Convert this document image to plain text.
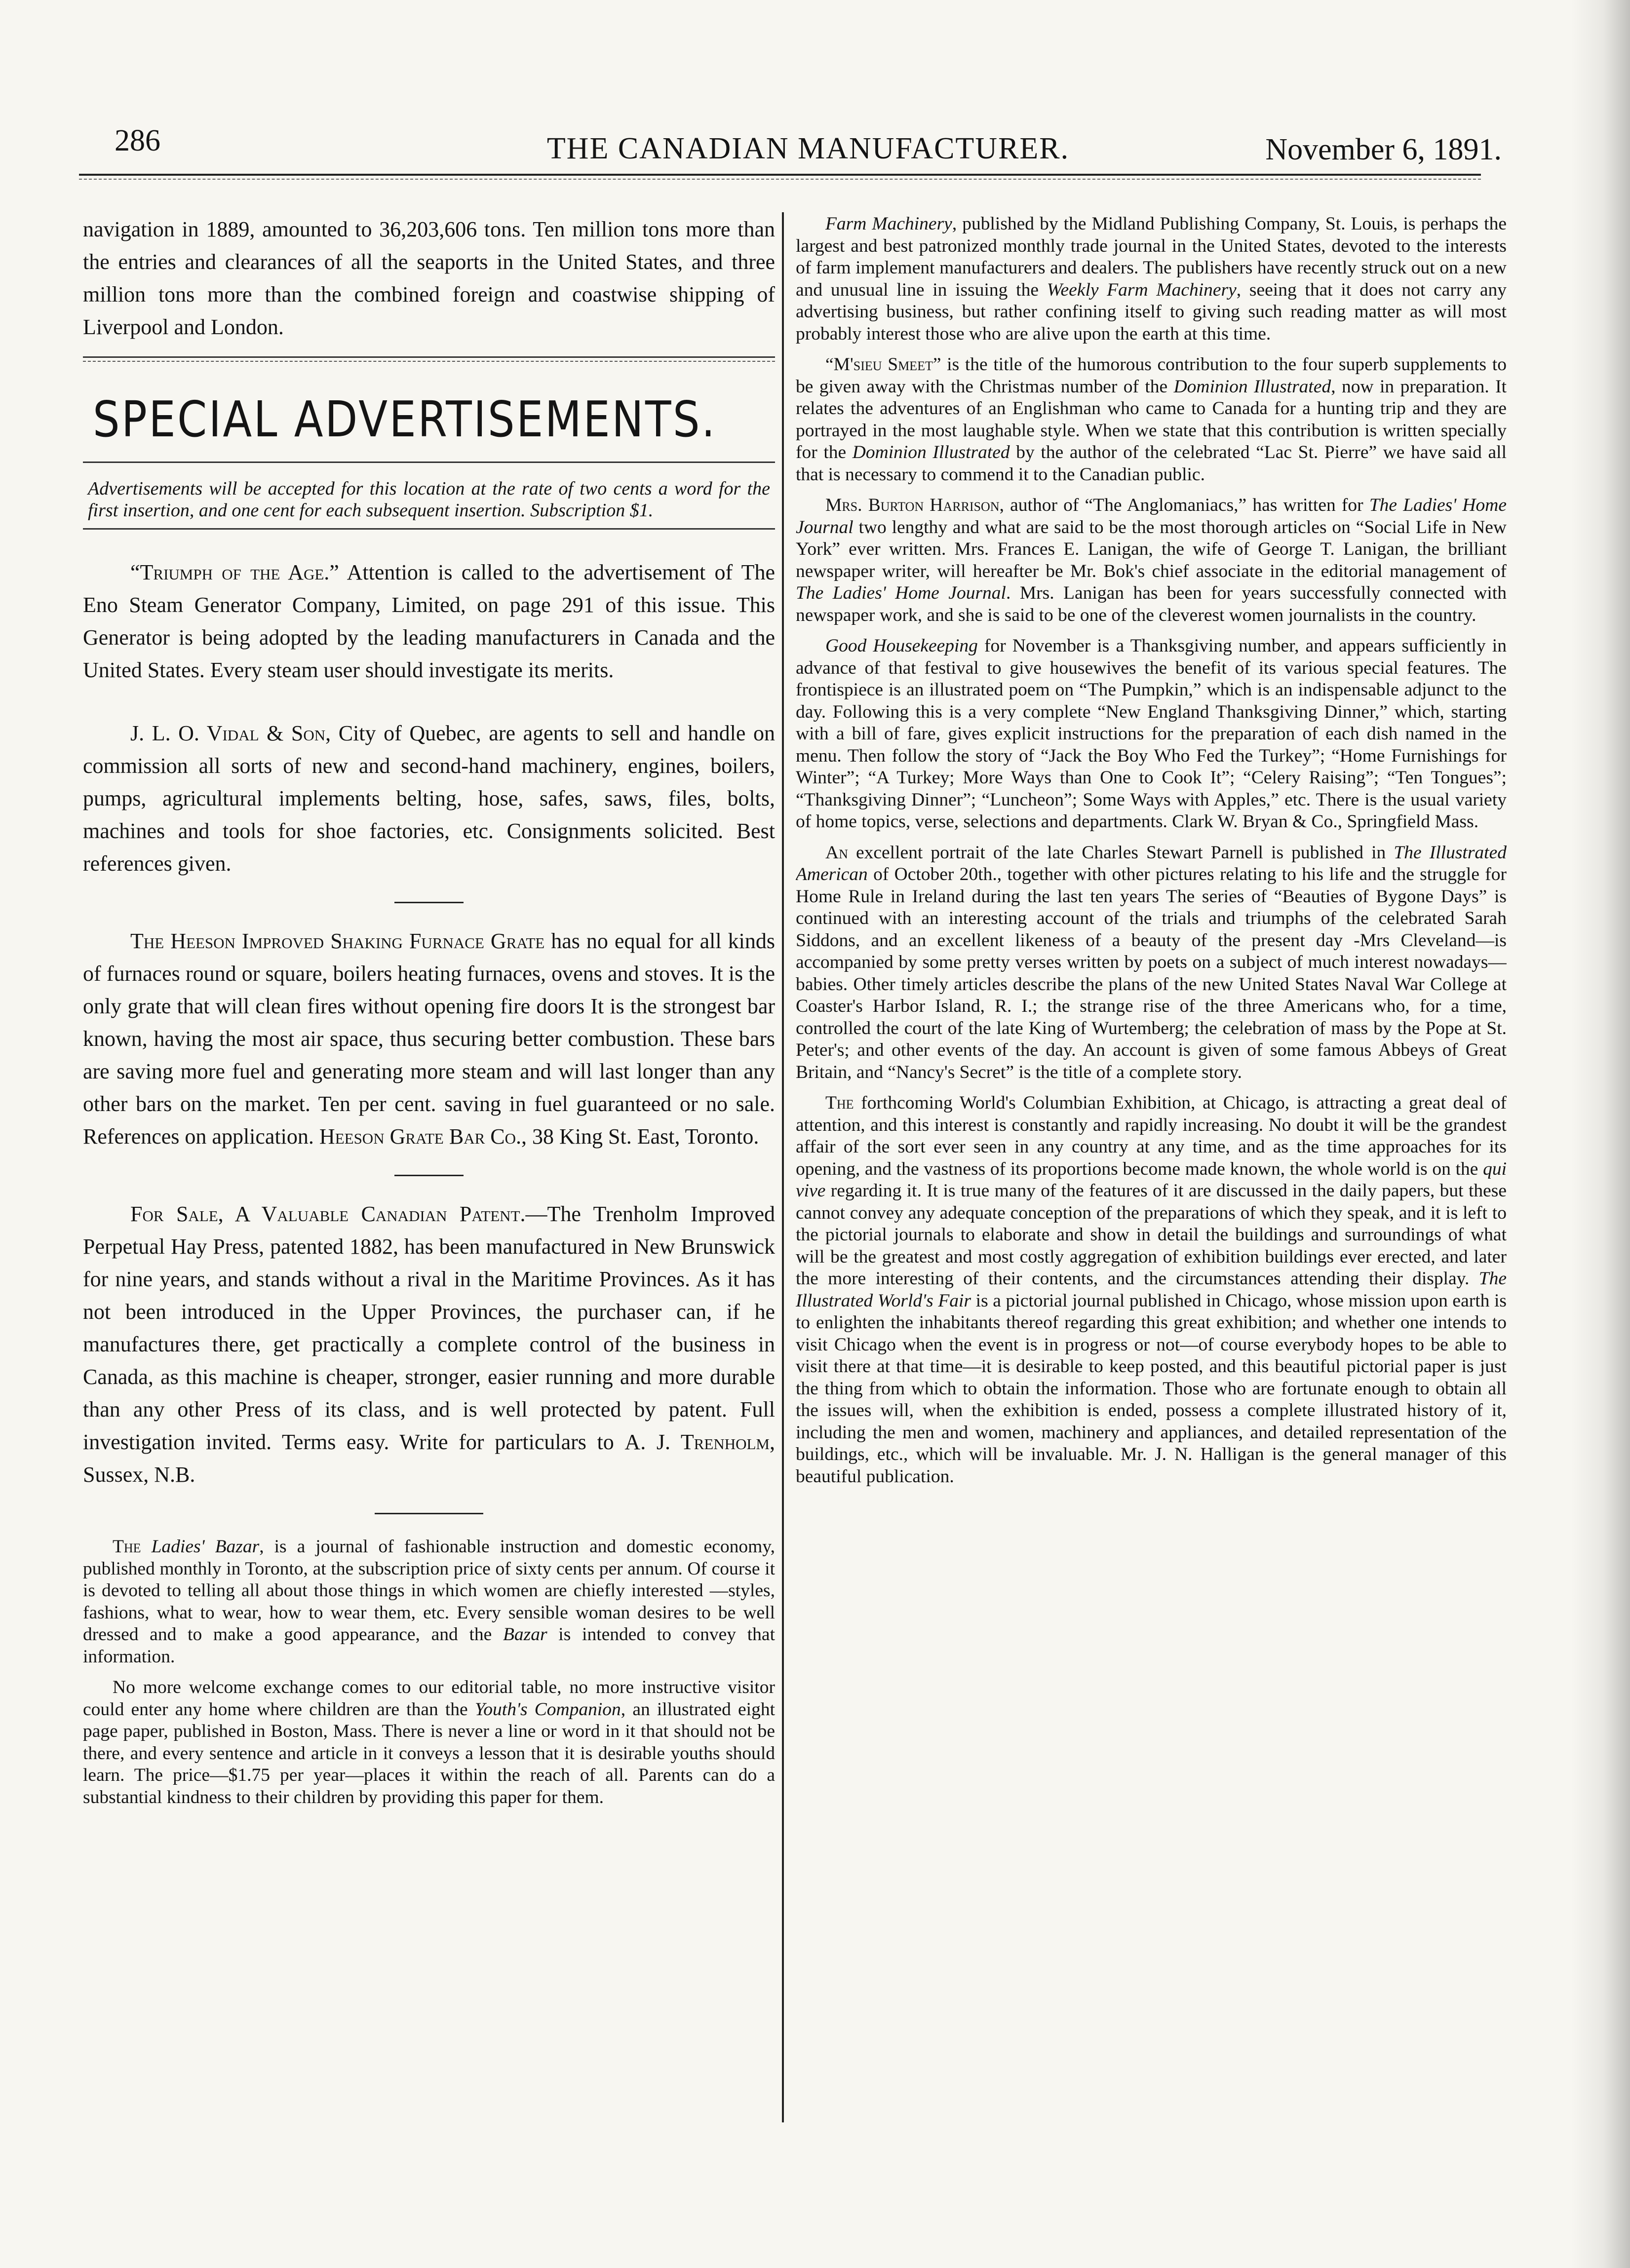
286	THE CANADIAN MANUFACTURER.	November 6, 1891.

navigation in 1889, amounted to 36,203,606 tons. Ten million tons more than the entries and clearances of all the seaports in the United States, and three million tons more than the combined foreign and coastwise shipping of Liverpool and London.

SPECIAL ADVERTISEMENTS.

Advertisements will be accepted for this location at the rate of two cents a word for the first insertion, and one cent for each subsequent insertion. Subscription $1.

“Triumph of the Age.” Attention is called to the advertisement of The Eno Steam Generator Company, Limited, on page 291 of this issue. This Generator is being adopted by the leading manufacturers in Canada and the United States. Every steam user should investigate its merits.

J. L. O. Vidal & Son, City of Quebec, are agents to sell and handle on commission all sorts of new and second-hand machinery, engines, boilers, pumps, agricultural implements belting, hose, safes, saws, files, bolts, machines and tools for shoe factories, etc. Consignments solicited. Best references given.

The Heeson Improved Shaking Furnace Grate has no equal for all kinds of furnaces round or square, boilers heating furnaces, ovens and stoves. It is the only grate that will clean fires without opening fire doors It is the strongest bar known, having the most air space, thus securing better combustion. These bars are saving more fuel and generating more steam and will last longer than any other bars on the market. Ten per cent. saving in fuel guaranteed or no sale. References on application. Heeson Grate Bar Co., 38 King St. East, Toronto.

For Sale, A Valuable Canadian Patent.—The Trenholm Improved Perpetual Hay Press, patented 1882, has been manufactured in New Brunswick for nine years, and stands without a rival in the Maritime Provinces. As it has not been introduced in the Upper Provinces, the purchaser can, if he manufactures there, get practically a complete control of the business in Canada, as this machine is cheaper, stronger, easier running and more durable than any other Press of its class, and is well protected by patent. Full investigation invited. Terms easy. Write for particulars to A. J. Trenholm, Sussex, N.B.

The Ladies' Bazar, is a journal of fashionable instruction and domestic economy, published monthly in Toronto, at the subscription price of sixty cents per annum. Of course it is devoted to telling all about those things in which women are chiefly interested —styles, fashions, what to wear, how to wear them, etc. Every sensible woman desires to be well dressed and to make a good appearance, and the Bazar is intended to convey that information.

No more welcome exchange comes to our editorial table, no more instructive visitor could enter any home where children are than the Youth's Companion, an illustrated eight page paper, published in Boston, Mass. There is never a line or word in it that should not be there, and every sentence and article in it conveys a lesson that it is desirable youths should learn. The price—$1.75 per year—places it within the reach of all. Parents can do a substantial kindness to their children by providing this paper for them.

Farm Machinery, published by the Midland Publishing Company, St. Louis, is perhaps the largest and best patronized monthly trade journal in the United States, devoted to the interests of farm implement manufacturers and dealers. The publishers have recently struck out on a new and unusual line in issuing the Weekly Farm Machinery, seeing that it does not carry any advertising business, but rather confining itself to giving such reading matter as will most probably interest those who are alive upon the earth at this time.

“M'sieu Smeet” is the title of the humorous contribution to the four superb supplements to be given away with the Christmas number of the Dominion Illustrated, now in preparation. It relates the adventures of an Englishman who came to Canada for a hunting trip and they are portrayed in the most laughable style. When we state that this contribution is written specially for the Dominion Illustrated by the author of the celebrated “Lac St. Pierre” we have said all that is necessary to commend it to the Canadian public.

Mrs. Burton Harrison, author of “The Anglomaniacs,” has written for The Ladies' Home Journal two lengthy and what are said to be the most thorough articles on “Social Life in New York” ever written. Mrs. Frances E. Lanigan, the wife of George T. Lanigan, the brilliant newspaper writer, will hereafter be Mr. Bok's chief associate in the editorial management of The Ladies' Home Journal. Mrs. Lanigan has been for years successfully connected with newspaper work, and she is said to be one of the cleverest women journalists in the country.

Good Housekeeping for November is a Thanksgiving number, and appears sufficiently in advance of that festival to give housewives the benefit of its various special features. The frontispiece is an illustrated poem on “The Pumpkin,” which is an indispensable adjunct to the day. Following this is a very complete “New England Thanksgiving Dinner,” which, starting with a bill of fare, gives explicit instructions for the preparation of each dish named in the menu. Then follow the story of “Jack the Boy Who Fed the Turkey”; “Home Furnishings for Winter”; “A Turkey; More Ways than One to Cook It”; “Celery Raising”; “Ten Tongues”; “Thanksgiving Dinner”; “Luncheon”; Some Ways with Apples,” etc. There is the usual variety of home topics, verse, selections and departments. Clark W. Bryan & Co., Springfield Mass.

An excellent portrait of the late Charles Stewart Parnell is published in The Illustrated American of October 20th., together with other pictures relating to his life and the struggle for Home Rule in Ireland during the last ten years The series of “Beauties of Bygone Days” is continued with an interesting account of the trials and triumphs of the celebrated Sarah Siddons, and an excellent likeness of a beauty of the present day -Mrs Cleveland—is accompanied by some pretty verses written by poets on a subject of much interest nowadays—babies. Other timely articles describe the plans of the new United States Naval War College at Coaster's Harbor Island, R. I.; the strange rise of the three Americans who, for a time, controlled the court of the late King of Wurtemberg; the celebration of mass by the Pope at St. Peter's; and other events of the day. An account is given of some famous Abbeys of Great Britain, and “Nancy's Secret” is the title of a complete story.

The forthcoming World's Columbian Exhibition, at Chicago, is attracting a great deal of attention, and this interest is constantly and rapidly increasing. No doubt it will be the grandest affair of the sort ever seen in any country at any time, and as the time approaches for its opening, and the vastness of its proportions become made known, the whole world is on the qui vive regarding it. It is true many of the features of it are discussed in the daily papers, but these cannot convey any adequate conception of the preparations of which they speak, and it is left to the pictorial journals to elaborate and show in detail the buildings and surroundings of what will be the greatest and most costly aggregation of exhibition buildings ever erected, and later the more interesting of their contents, and the circumstances attending their display. The Illustrated World's Fair is a pictorial journal published in Chicago, whose mission upon earth is to enlighten the inhabitants thereof regarding this great exhibition; and whether one intends to visit Chicago when the event is in progress or not—of course everybody hopes to be able to visit there at that time—it is desirable to keep posted, and this beautiful pictorial paper is just the thing from which to obtain the information. Those who are fortunate enough to obtain all the issues will, when the exhibition is ended, possess a complete illustrated history of it, including the men and women, machinery and appliances, and detailed representation of the buildings, etc., which will be invaluable. Mr. J. N. Halligan is the general manager of this beautiful publication.
